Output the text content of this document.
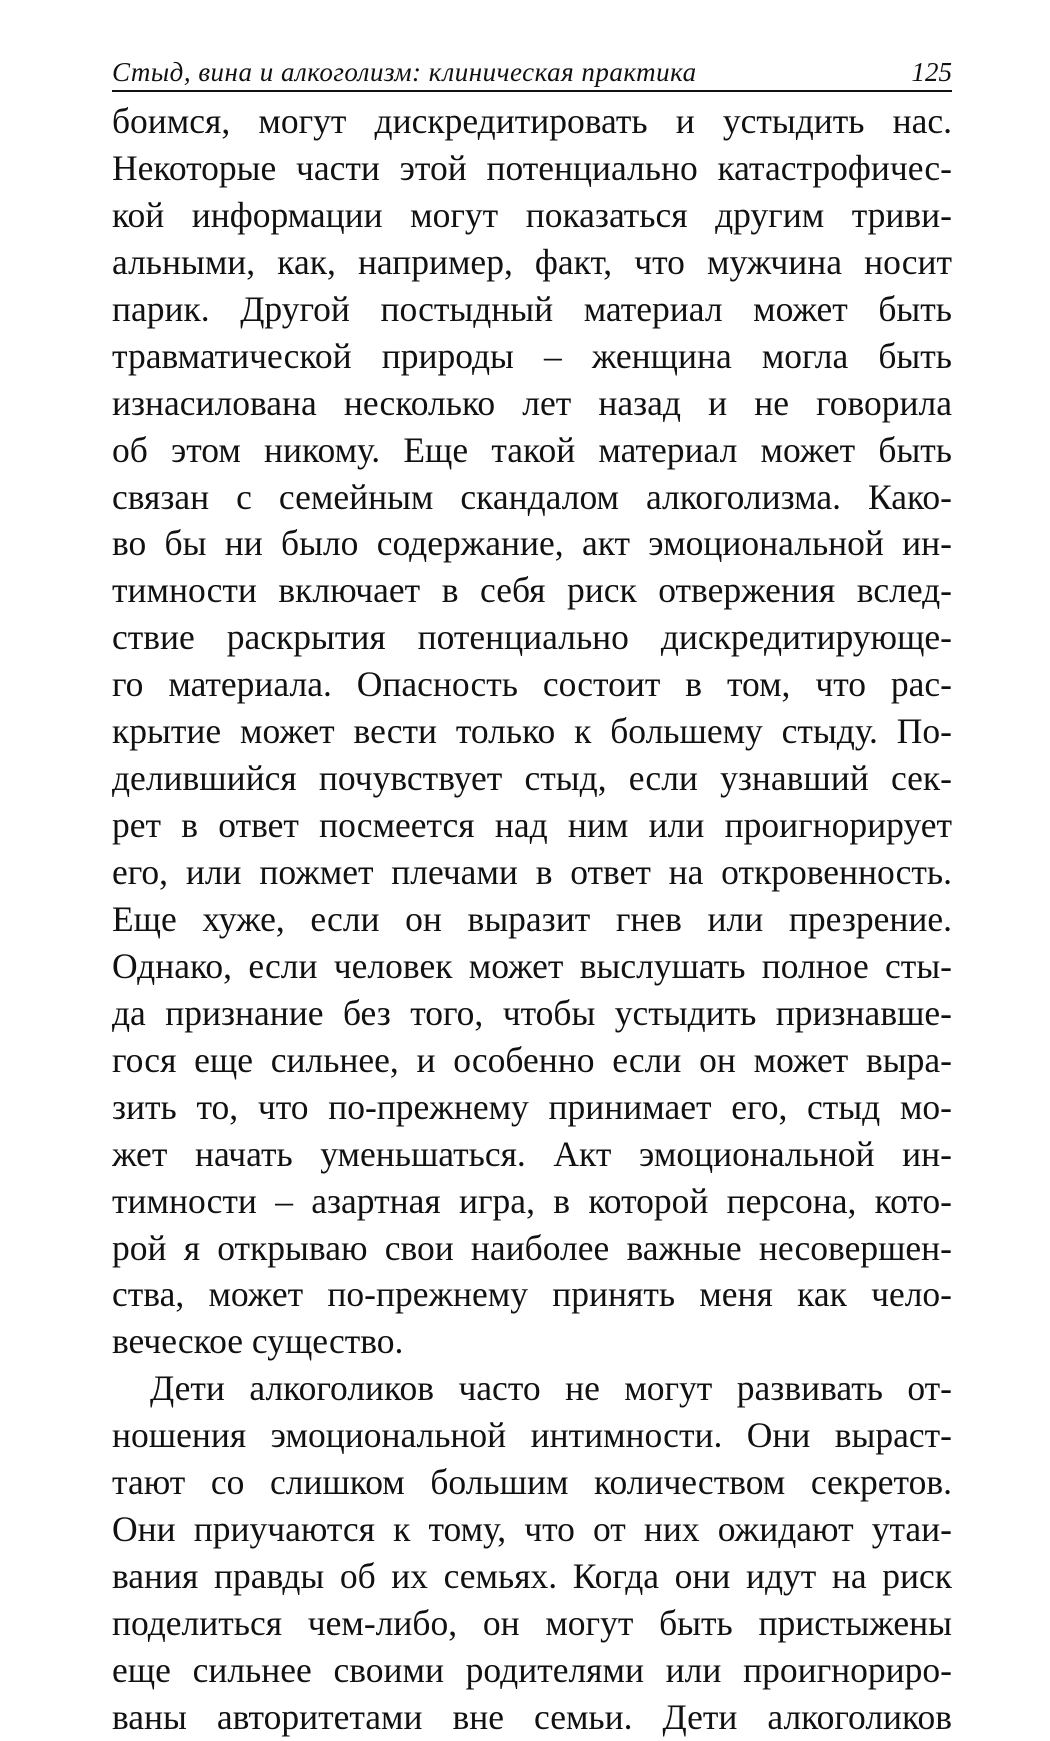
Стыд, вина и алкоголизм: клиническая практика	125
боимся, могут дискредитировать и устыдить нас.
Некоторые части этой потенциально катастрофичес-
кой информации могут показаться другим триви-
альными, как, например, факт, что мужчина носит
парик. Другой постыдный материал может быть
травматической природы – женщина могла быть
изнасилована несколько лет назад и не говорила
об этом никому. Еще такой материал может быть
связан с семейным скандалом алкоголизма. Како-
во бы ни было содержание, акт эмоциональной ин-
тимности включает в себя риск отвержения вслед-
ствие раскрытия потенциально дискредитирующе-
го материала. Опасность состоит в том, что рас-
крытие может вести только к большему стыду. По-
делившийся почувствует стыд, если узнавший сек-
рет в ответ посмеется над ним или проигнорирует
его, или пожмет плечами в ответ на откровенность.
Еще хуже, если он выразит гнев или презрение.
Однако, если человек может выслушать полное сты-
да признание без того, чтобы устыдить признавше-
гося еще сильнее, и особенно если он может выра-
зить то, что по-прежнему принимает его, стыд мо-
жет начать уменьшаться. Акт эмоциональной ин-
тимности – азартная игра, в которой персона, кото-
рой я открываю свои наиболее важные несовершен-
ства, может по-прежнему принять меня как чело-
веческое существо.
Дети алкоголиков часто не могут развивать от-
ношения эмоциональной интимности. Они выраст-
тают со слишком большим количеством секретов.
Они приучаются к тому, что от них ожидают утаи-
вания правды об их семьях. Когда они идут на риск
поделиться чем-либо, он могут быть пристыжены
еще сильнее своими родителями или проигнориро-
ваны авторитетами вне семьи. Дети алкоголиков
